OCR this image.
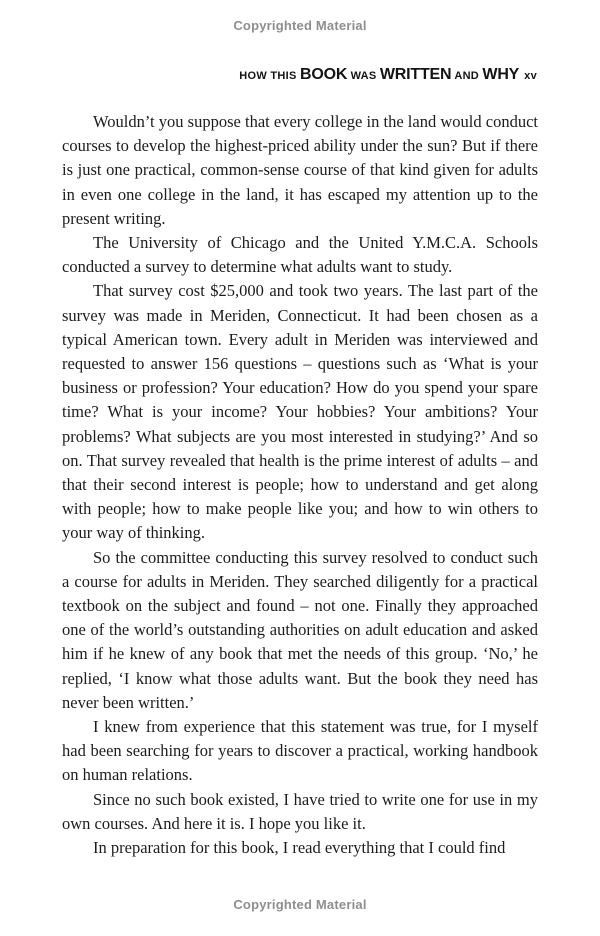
Copyrighted Material
HOW THIS BOOK WAS WRITTEN AND WHY xv

Wouldn’t you suppose that every college in the land would conduct courses to develop the highest-priced ability under the sun? But if there is just one practical, common-sense course of that kind given for adults in even one college in the land, it has escaped my attention up to the present writing.

The University of Chicago and the United Y.M.C.A. Schools conducted a survey to determine what adults want to study.

That survey cost $25,000 and took two years. The last part of the survey was made in Meriden, Connecticut. It had been chosen as a typical American town. Every adult in Meriden was interviewed and requested to answer 156 questions – questions such as ‘What is your business or profession? Your education? How do you spend your spare time? What is your income? Your hobbies? Your ambitions? Your problems? What subjects are you most interested in studying?’ And so on. That survey revealed that health is the prime interest of adults – and that their second interest is people; how to understand and get along with people; how to make people like you; and how to win others to your way of thinking.

So the committee conducting this survey resolved to conduct such a course for adults in Meriden. They searched diligently for a practical textbook on the subject and found – not one. Finally they approached one of the world’s outstanding authorities on adult education and asked him if he knew of any book that met the needs of this group. ‘No,’ he replied, ‘I know what those adults want. But the book they need has never been written.’

I knew from experience that this statement was true, for I myself had been searching for years to discover a practical, working handbook on human relations.

Since no such book existed, I have tried to write one for use in my own courses. And here it is. I hope you like it.

In preparation for this book, I read everything that I could find

Copyrighted Material
